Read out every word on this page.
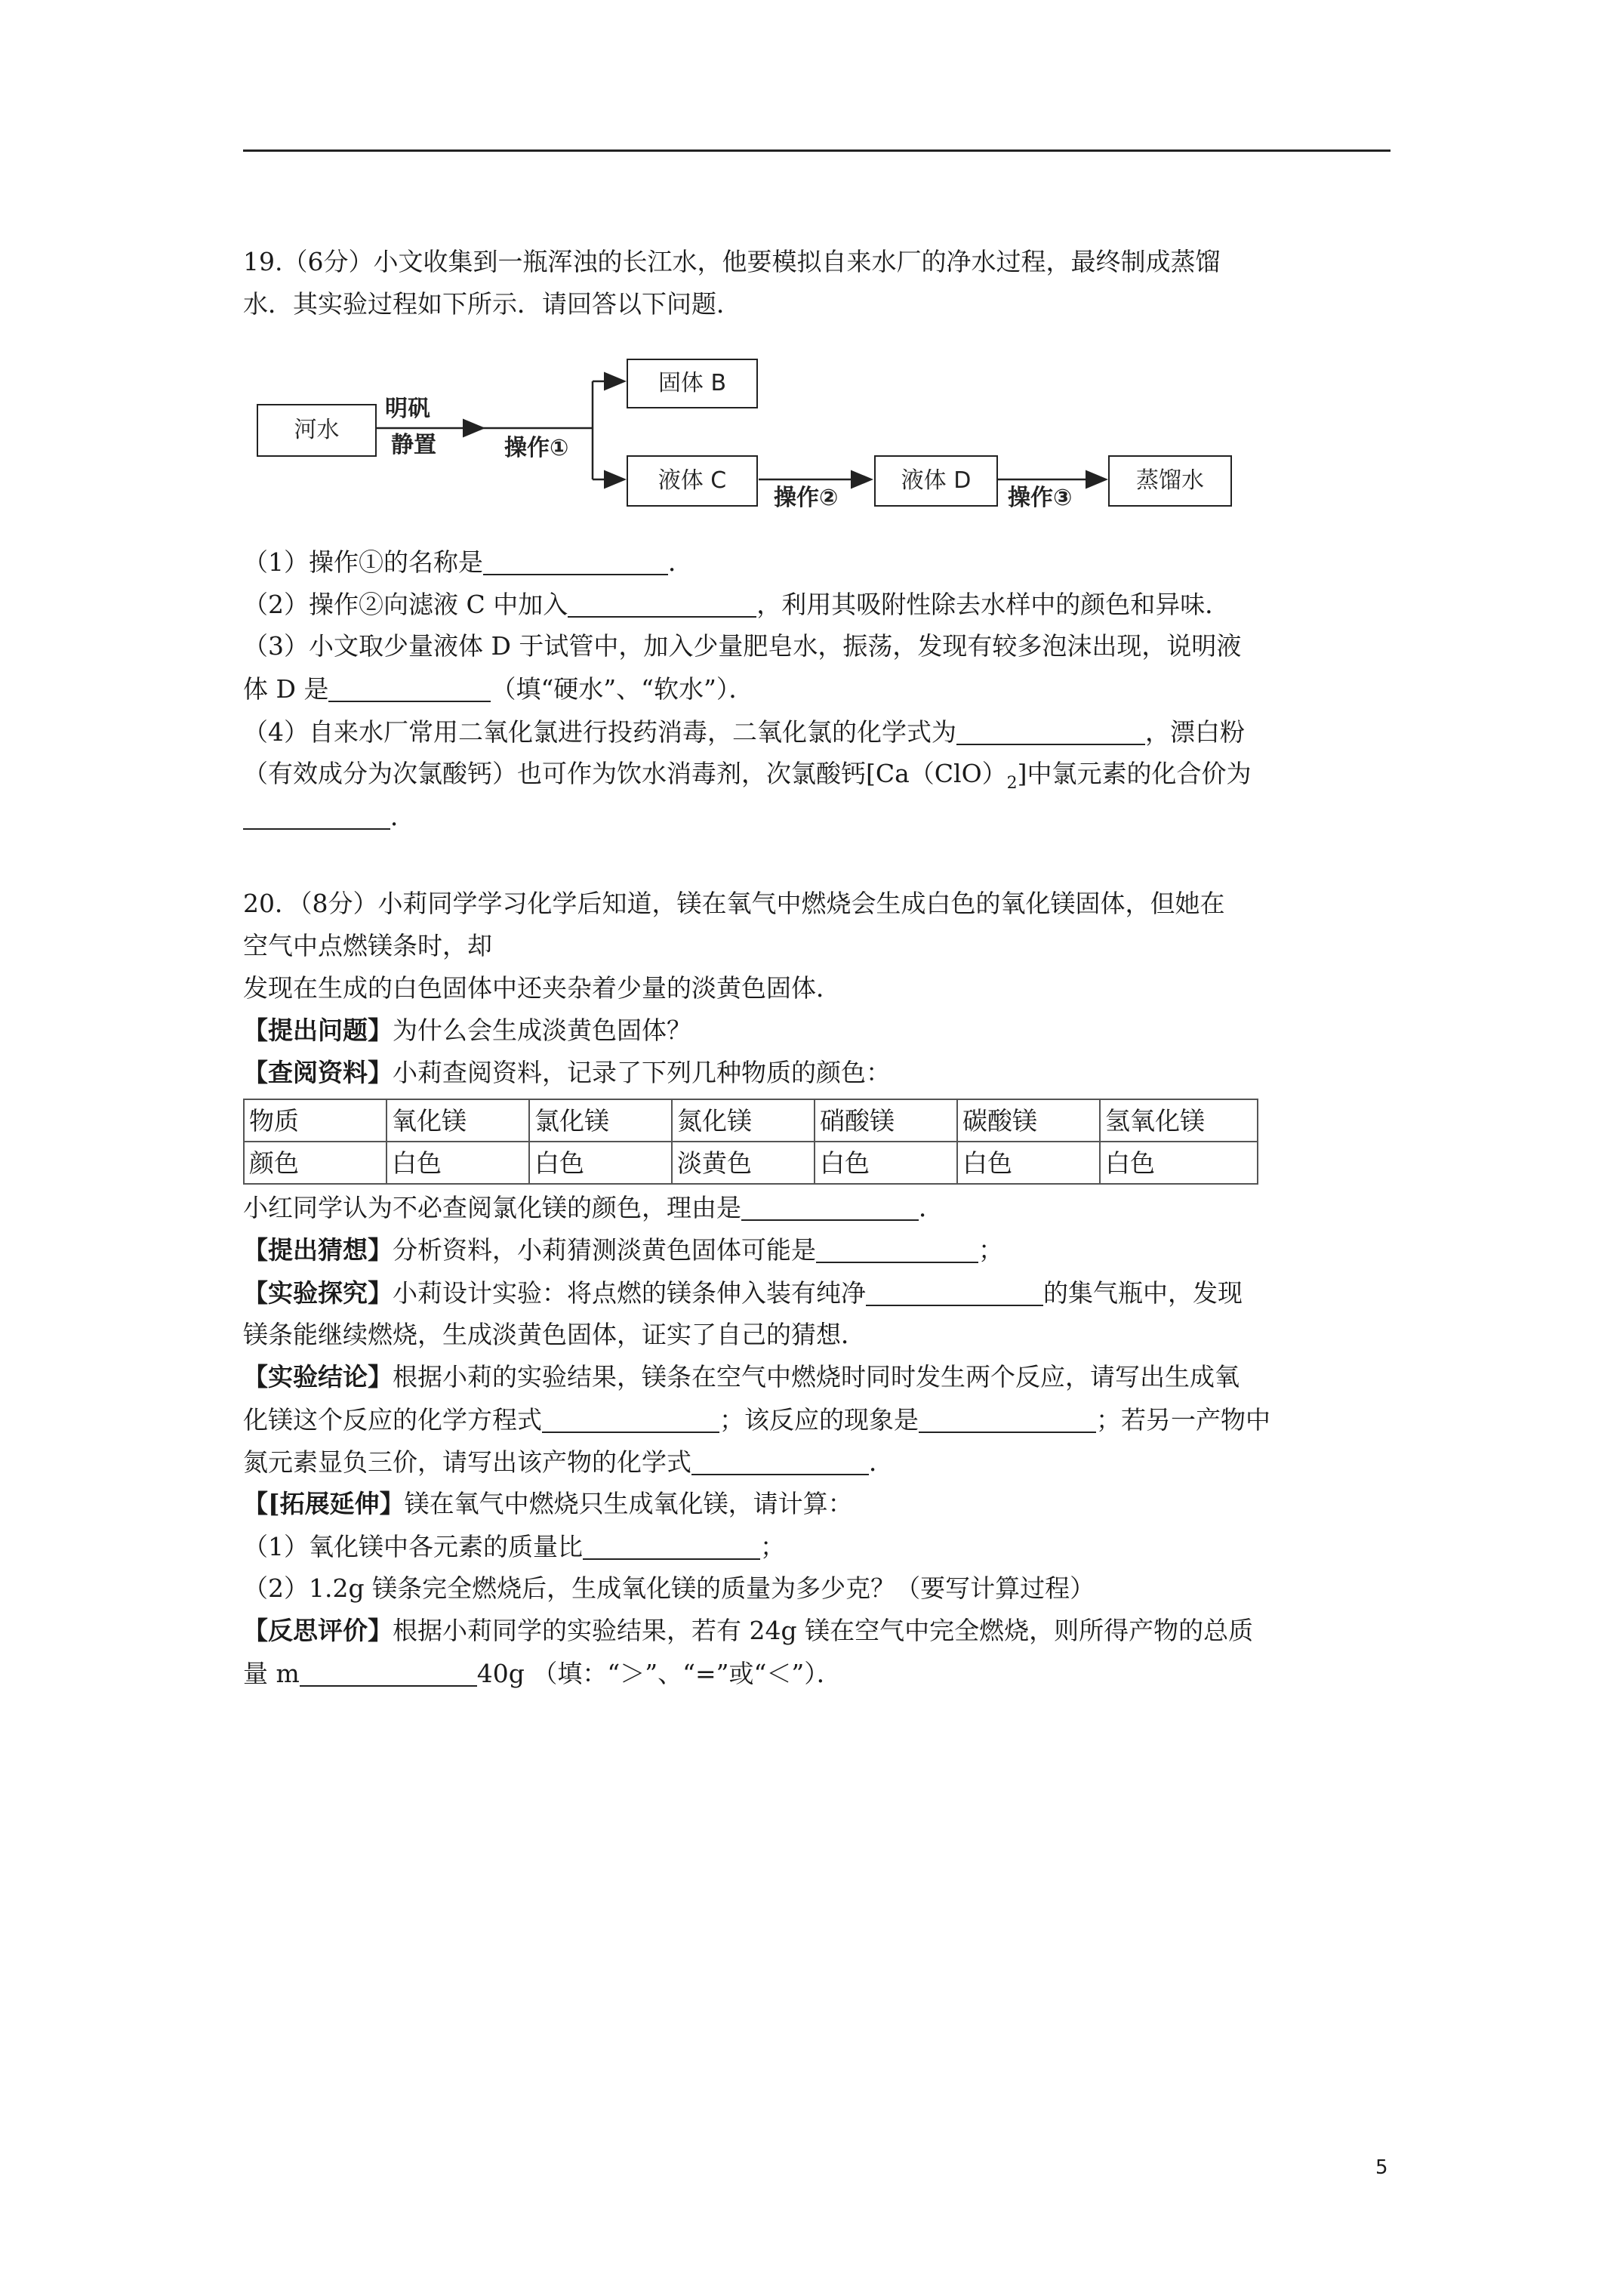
19.（6分）小文收集到一瓶浑浊的长江水，他要模拟自来水厂的净水过程，最终制成蒸馏
水．其实验过程如下所示．请回答以下问题．
河水
明矾
静置	操作①
固体 B
液体 C
操作②
液体 D
操作③
蒸馏水
（1）操作①的名称是	．
（2）操作②向滤液 C 中加入	，利用其吸附性除去水样中的颜色和异味．
（3）小文取少量液体 D 于试管中，加入少量肥皂水，振荡，发现有较多泡沫出现，说明液
体 D 是	（填“硬水”、“软水”）．
（4）自来水厂常用二氧化氯进行投药消毒，二氧化氯的化学式为	，漂白粉
（有效成分为次氯酸钙）也可作为饮水消毒剂，次氯酸钙$[Ca(ClO)_2]$中氯元素的化合价为
．
20．（8分）小莉同学学习化学后知道，镁在氧气中燃烧会生成白色的氧化镁固体，但她在
空气中点燃镁条时，却
发现在生成的白色固体中还夹杂着少量的淡黄色固体．
【提出问题】为什么会生成淡黄色固体？
【查阅资料】小莉查阅资料，记录了下列几种物质的颜色：
物质	氧化镁	氯化镁	氮化镁	硝酸镁	碳酸镁	氢氧化镁
颜色	白色	白色	淡黄色	白色	白色	白色
小红同学认为不必查阅氯化镁的颜色，理由是	．
【提出猜想】分析资料，小莉猜测淡黄色固体可能是	；
【实验探究】小莉设计实验：将点燃的镁条伸入装有纯净	的集气瓶中，发现
镁条能继续燃烧，生成淡黄色固体，证实了自己的猜想．
【实验结论】根据小莉的实验结果，镁条在空气中燃烧时同时发生两个反应，请写出生成氧
化镁这个反应的化学方程式	；该反应的现象是	；若另一产物中
氮元素显负三价，请写出该产物的化学式	．
【[拓展延伸】镁在氧气中燃烧只生成氧化镁，请计算：
（1）氧化镁中各元素的质量比	；
（2）1.2g 镁条完全燃烧后，生成氧化镁的质量为多少克？（要写计算过程）
【反思评价】根据小莉同学的实验结果，若有 24g 镁在空气中完全燃烧，则所得产物的总质
量 m	40g （填：“＞”、“=”或“＜”）．
5
